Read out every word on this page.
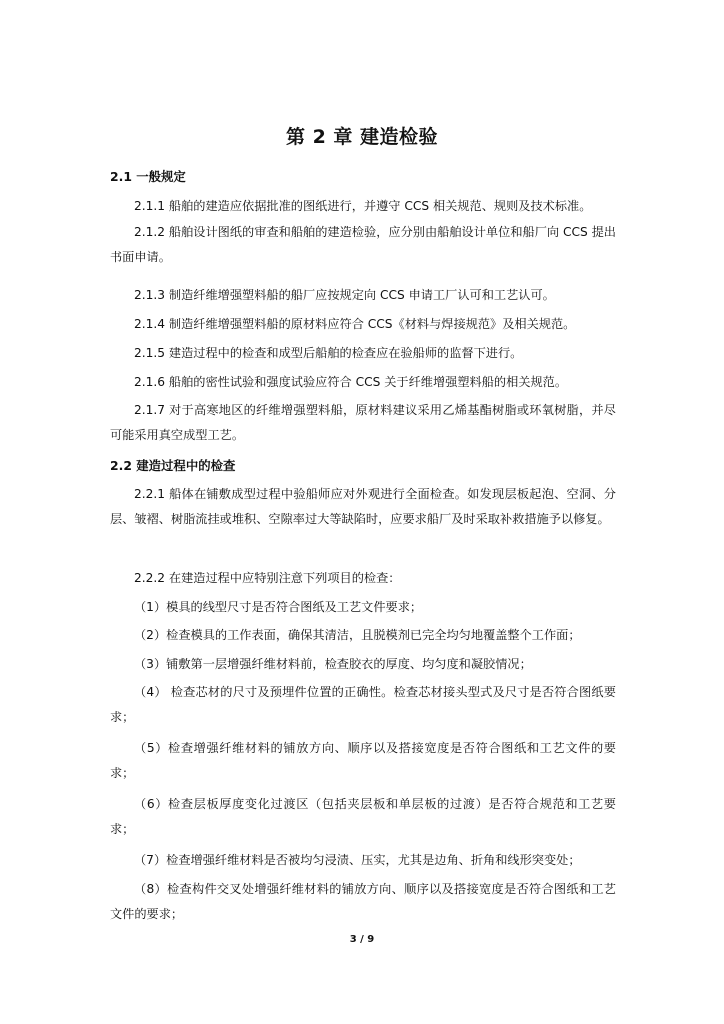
第 2 章 建造检验
2.1 一般规定
2.1.1 船舶的建造应依据批准的图纸进行，并遵守 CCS 相关规范、规则及技术标准。
2.1.2 船舶设计图纸的审查和船舶的建造检验，应分别由船舶设计单位和船厂向 CCS 提出书面申请。
2.1.3 制造纤维增强塑料船的船厂应按规定向 CCS 申请工厂认可和工艺认可。
2.1.4 制造纤维增强塑料船的原材料应符合 CCS《材料与焊接规范》及相关规范。
2.1.5 建造过程中的检查和成型后船舶的检查应在验船师的监督下进行。
2.1.6 船舶的密性试验和强度试验应符合 CCS 关于纤维增强塑料船的相关规范。
2.1.7 对于高寒地区的纤维增强塑料船，原材料建议采用乙烯基酯树脂或环氧树脂，并尽可能采用真空成型工艺。
2.2 建造过程中的检查
2.2.1 船体在铺敷成型过程中验船师应对外观进行全面检查。如发现层板起泡、空洞、分层、皱褶、树脂流挂或堆积、空隙率过大等缺陷时，应要求船厂及时采取补救措施予以修复。
2.2.2 在建造过程中应特别注意下列项目的检查：
（1）模具的线型尺寸是否符合图纸及工艺文件要求；
（2）检查模具的工作表面，确保其清洁，且脱模剂已完全均匀地覆盖整个工作面；
（3）铺敷第一层增强纤维材料前，检查胶衣的厚度、均匀度和凝胶情况；
（4） 检查芯材的尺寸及预埋件位置的正确性。检查芯材接头型式及尺寸是否符合图纸要求；
（5）检查增强纤维材料的铺放方向、顺序以及搭接宽度是否符合图纸和工艺文件的要求；
（6）检查层板厚度变化过渡区（包括夹层板和单层板的过渡）是否符合规范和工艺要求；
（7）检查增强纤维材料是否被均匀浸渍、压实，尤其是边角、折角和线形突变处；
（8）检查构件交叉处增强纤维材料的铺放方向、顺序以及搭接宽度是否符合图纸和工艺文件的要求；
3 / 9
